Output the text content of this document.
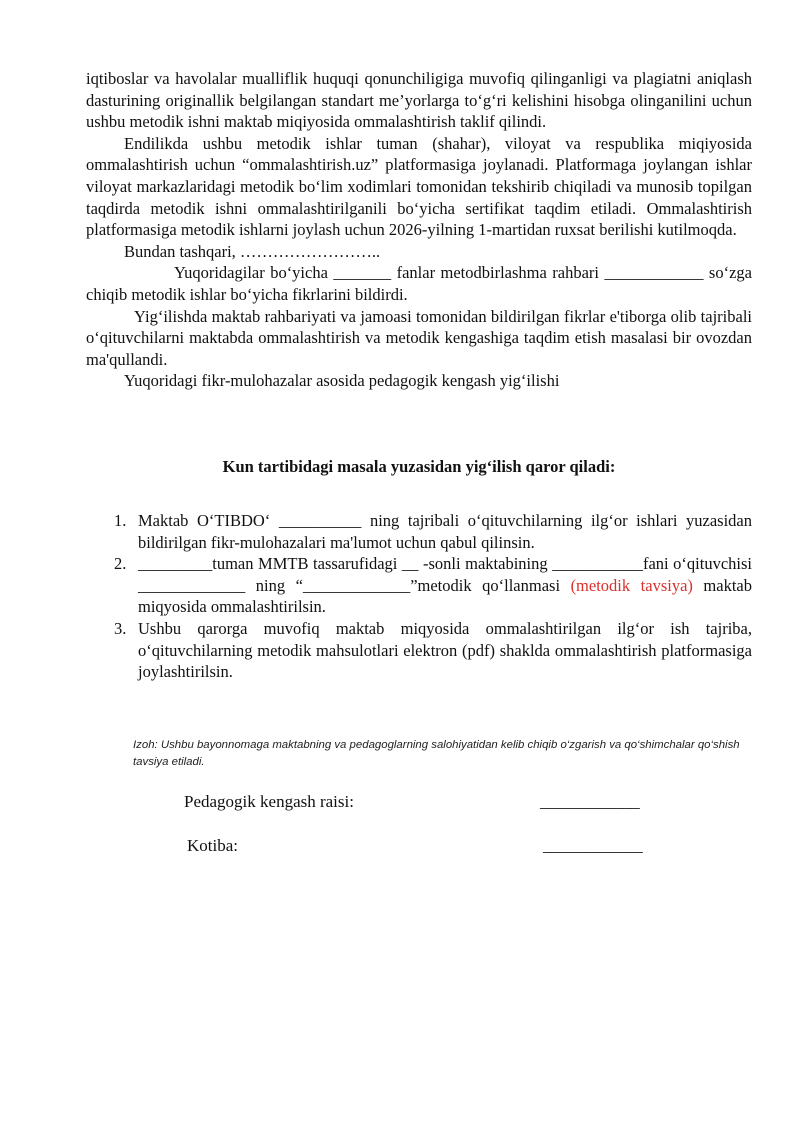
iqtiboslar va havolalar mualliflik huquqi qonunchiligiga muvofiq qilinganligi va plagiatni aniqlash dasturining originallik belgilangan standart me’yorlarga to‘g‘ri kelishini hisobga olinganilini uchun ushbu metodik ishni maktab miqiyosida ommalashtirish taklif qilindi.

Endilikda ushbu metodik ishlar tuman (shahar), viloyat va respublika miqiyosida ommalashtirish uchun “ommalashtirish.uz” platformasiga joylanadi. Platformaga joylangan ishlar viloyat markazlaridagi metodik bo‘lim xodimlari tomonidan tekshirib chiqiladi va munosib topilgan taqdirda metodik ishni ommalashtirilganili bo‘yicha sertifikat taqdim etiladi. Ommalashtirish platformasiga metodik ishlarni joylash uchun 2026-yilning 1-martidan ruxsat berilishi kutilmoqda.

Bundan tashqari, ……………………..

Yuqoridagilar bo‘yicha _______ fanlar metodbirlashma rahbari ____________ so‘zga chiqib metodik ishlar bo‘yicha fikrlarini bildirdi.

Yig‘ilishda maktab rahbariyati va jamoasi tomonidan bildirilgan fikrlar e'tiborga olib tajribali o‘qituvchilarni maktabda ommalashtirish va metodik kengashiga taqdim etish masalasi bir ovozdan ma'qullandi.

Yuqoridagi fikr-mulohazalar asosida pedagogik kengash yig‘ilishi

Kun tartibidagi masala yuzasidan yig‘ilish qaror qiladi:
1. Maktab O‘TIBDO‘ __________ ning tajribali o‘qituvchilarning ilg‘or ishlari yuzasidan bildirilgan fikr-mulohazalari ma'lumot uchun qabul qilinsin.
2. _________tuman MMTB tassarufidagi __ -sonli maktabining ___________fani o‘qituvchisi _____________ ning “_____________”metodik qo‘llanmasi (metodik tavsiya) maktab miqyosida ommalashtirilsin.
3. Ushbu qarorga muvofiq maktab miqyosida ommalashtirilgan ilg‘or ish tajriba, o‘qituvchilarning metodik mahsulotlari elektron (pdf) shaklda ommalashtirish platformasiga joylashtirilsin.
Izoh: Ushbu bayonnomaga maktabning va pedagoglarning salohiyatidan kelib chiqib o‘zgarish va qo‘shimchalar qo‘shish tavsiya etiladi.
Pedagogik kengash raisi:	____________
Kotiba:	____________
